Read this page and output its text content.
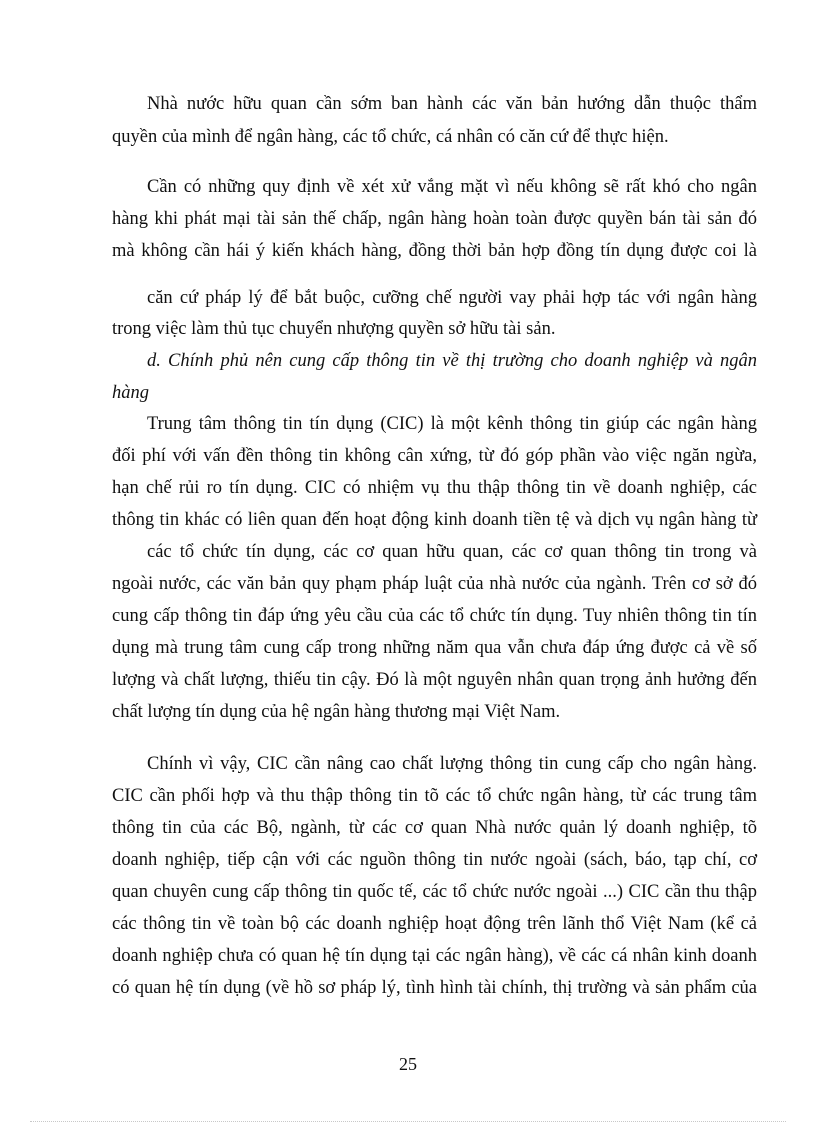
Nhà nước hữu quan cần sớm ban hành các văn bản hướng dẫn thuộc thẩm
quyền của mình để ngân hàng, các tổ chức, cá nhân có căn cứ để thực hiện.
Cần có những quy định về xét xử vắng mặt vì nếu không sẽ rất khó cho ngân
hàng khi phát mại tài sản thế chấp, ngân hàng hoàn toàn được quyền bán tài sản đó
mà không cần hái ý kiến khách hàng, đồng thời bản hợp đồng tín dụng được coi là
căn cứ pháp lý để bắt buộc, cưỡng chế người vay phải hợp tác với ngân hàng
trong việc làm thủ tục chuyển nhượng quyền sở hữu tài sản.
d. Chính phủ nên cung cấp thông tin về thị trường cho doanh nghiệp và ngân
hàng
Trung tâm thông tin tín dụng (CIC) là một kênh thông tin giúp các ngân hàng
đối phí với vấn đền thông tin không cân xứng, từ đó góp phần vào việc ngăn ngừa,
hạn chế rủi ro tín dụng. CIC có nhiệm vụ thu thập thông tin về doanh nghiệp, các
thông tin khác có liên quan đến hoạt động kinh doanh tiền tệ và dịch vụ ngân hàng từ
các tổ chức tín dụng, các cơ quan hữu quan, các cơ quan thông tin trong và
ngoài nước, các văn bản quy phạm pháp luật của nhà nước của ngành. Trên cơ sở đó
cung cấp thông tin đáp ứng yêu cầu của các tổ chức tín dụng. Tuy nhiên thông tin tín
dụng mà trung tâm cung cấp trong những năm qua vẫn chưa đáp ứng được cả về số
lượng và chất lượng, thiếu tin cậy. Đó là một nguyên nhân quan trọng ảnh hưởng đến
chất lượng tín dụng của hệ ngân hàng thương mại Việt Nam.
Chính vì vậy, CIC cần nâng cao chất lượng thông tin cung cấp cho ngân hàng.
CIC cần phối hợp và thu thập thông tin tõ các tổ chức ngân hàng, từ các trung tâm
thông tin của các Bộ, ngành, từ các cơ quan Nhà nước quản lý doanh nghiệp, tõ
doanh nghiệp, tiếp cận với các nguồn thông tin nước ngoài (sách, báo, tạp chí, cơ
quan chuyên cung cấp thông tin quốc tế, các tổ chức nước ngoài ...) CIC cần thu thập
các thông tin về toàn bộ các doanh nghiệp hoạt động trên lãnh thổ Việt Nam (kể cả
doanh nghiệp chưa có quan hệ tín dụng tại các ngân hàng), về các cá nhân kinh doanh
có quan hệ tín dụng (về hồ sơ pháp lý, tình hình tài chính, thị trường và sản phẩm của
25
